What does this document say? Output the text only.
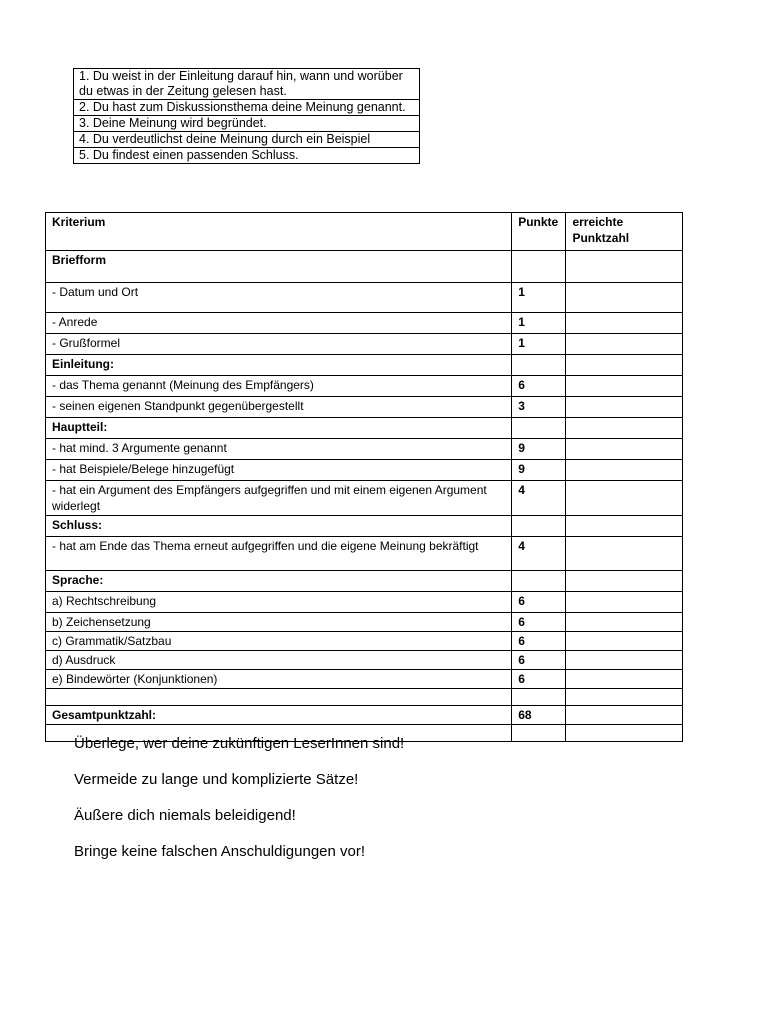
1. Du weist in der Einleitung darauf hin, wann und worüber du etwas in der Zeitung gelesen hast.
2. Du hast zum Diskussionsthema deine Meinung genannt.
3. Deine Meinung wird begründet.
4. Du verdeutlichst deine Meinung durch ein Beispiel
5. Du findest einen passenden Schluss.
Kriterium	Punkte	erreichte Punktzahl
Briefform		
- Datum und Ort	1	
- Anrede	1	
- Grußformel	1	
Einleitung:		
- das Thema genannt (Meinung des Empfängers)	6	
- seinen eigenen Standpunkt gegenübergestellt	3	
Hauptteil:		
- hat mind. 3 Argumente genannt	9	
- hat Beispiele/Belege hinzugefügt	9	
- hat ein Argument des Empfängers aufgegriffen und mit einem eigenen Argument widerlegt	4	
Schluss:		
- hat am Ende das Thema erneut aufgegriffen und die eigene Meinung bekräftigt	4	
Sprache:		
a) Rechtschreibung	6	
b) Zeichensetzung	6	
c) Grammatik/Satzbau	6	
d) Ausdruck	6	
e) Bindewörter (Konjunktionen)	6	

Gesamtpunktzahl:	68	

Überlege, wer deine zukünftigen LeserInnen sind!

Vermeide zu lange und komplizierte Sätze!

Äußere dich niemals beleidigend!

Bringe keine falschen Anschuldigungen vor!
